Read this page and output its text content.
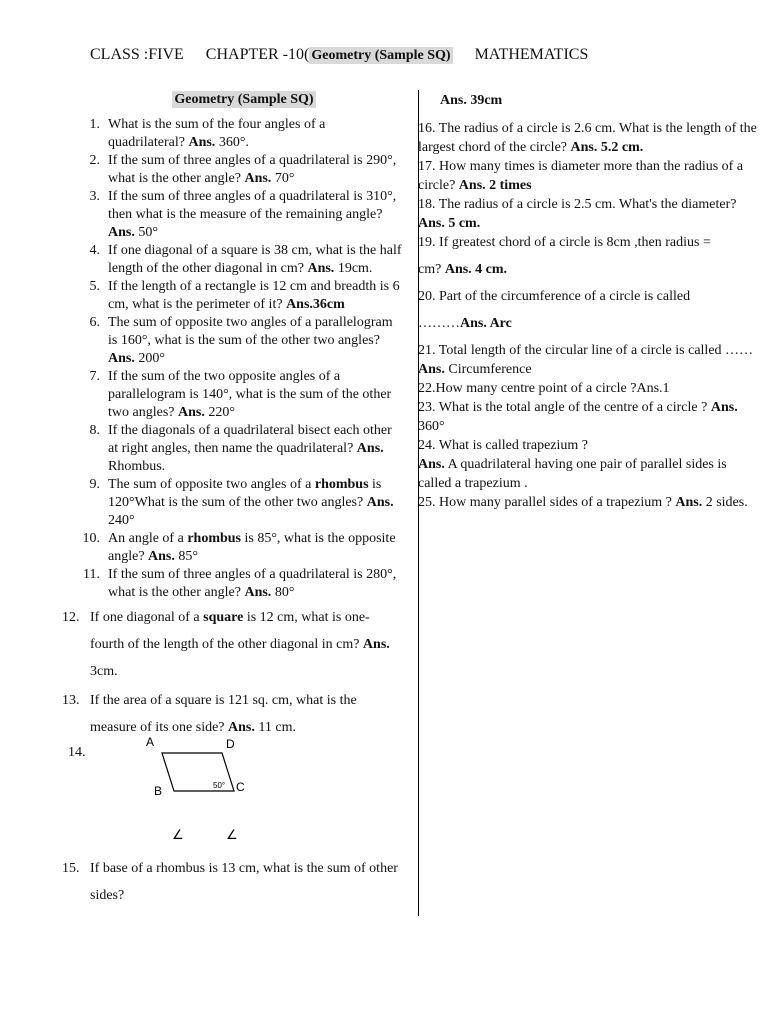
CLASS :FIVE CHAPTER -10( Geometry (Sample SQ) MATHEMATICS
Geometry (Sample SQ)
1. What is the sum of the four angles of a quadrilateral? Ans. 360°.
2. If the sum of three angles of a quadrilateral is 290°, what is the other angle? Ans. 70°
3. If the sum of three angles of a quadrilateral is 310°, then what is the measure of the remaining angle? Ans. 50°
4. If one diagonal of a square is 38 cm, what is the half length of the other diagonal in cm? Ans. 19cm.
5. If the length of a rectangle is 12 cm and breadth is 6 cm, what is the perimeter of it? Ans.36cm
6. The sum of opposite two angles of a parallelogram is 160°, what is the sum of the other two angles? Ans. 200°
7. If the sum of the two opposite angles of a parallelogram is 140°, what is the sum of the other two angles? Ans. 220°
8. If the diagonals of a quadrilateral bisect each other at right angles, then name the quadrilateral? Ans. Rhombus.
9. The sum of opposite two angles of a rhombus is 120°What is the sum of the other two angles? Ans. 240°
10. An angle of a rhombus is 85°, what is the opposite angle? Ans. 85°
11. If the sum of three angles of a quadrilateral is 280°, what is the other angle? Ans. 80°
12. If one diagonal of a square is 12 cm, what is one-fourth of the length of the other diagonal in cm? Ans. 3cm.
13. If the area of a square is 121 sq. cm, what is the measure of its one side? Ans. 11 cm.
14.
A	D
B	C
50°
∠	∠
15. If base of a rhombus is 13 cm, what is the sum of other sides?
Ans. 39cm
16. The radius of a circle is 2.6 cm. What is the length of the largest chord of the circle? Ans. 5.2 cm.
17. How many times is diameter more than the radius of a circle? Ans. 2 times
18. The radius of a circle is 2.5 cm. What's the diameter? Ans. 5 cm.
19. If greatest chord of a circle is 8cm ,then radius =
cm? Ans. 4 cm.
20. Part of the circumference of a circle is called
………Ans. Arc
21. Total length of the circular line of a circle is called ……Ans. Circumference
22.How many centre point of a circle ?Ans.1
23. What is the total angle of the centre of a circle ? Ans. 360°
24. What is called trapezium ?
Ans. A quadrilateral having one pair of parallel sides is called a trapezium .
25. How many parallel sides of a trapezium ? Ans. 2 sides.
